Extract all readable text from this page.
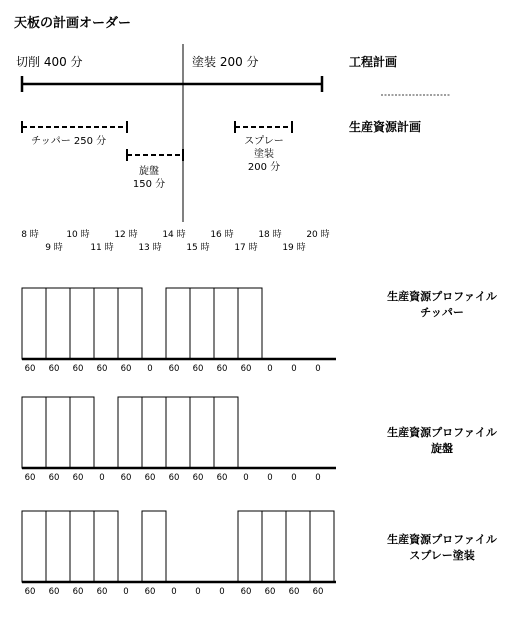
天板の計画オーダー
切削 400 分	塗装 200 分	工程計画
生産資源計画
チッパー 250 分
旋盤
150 分
スプレー
塗装
200 分
8 時
9 時
10 時
11 時
12 時
13 時
14 時
15 時
16 時
17 時
18 時
19 時
20 時
60 60 60 60 60 0 60 60 60 60 0 0 0
生産資源プロファイル
チッパー
60 60 60 0 60 60 60 60 60 0 0 0 0
生産資源プロファイル
旋盤
60 60 60 60 0 60 0 0 0 60 60 60 60
生産資源プロファイル
スプレー塗装
